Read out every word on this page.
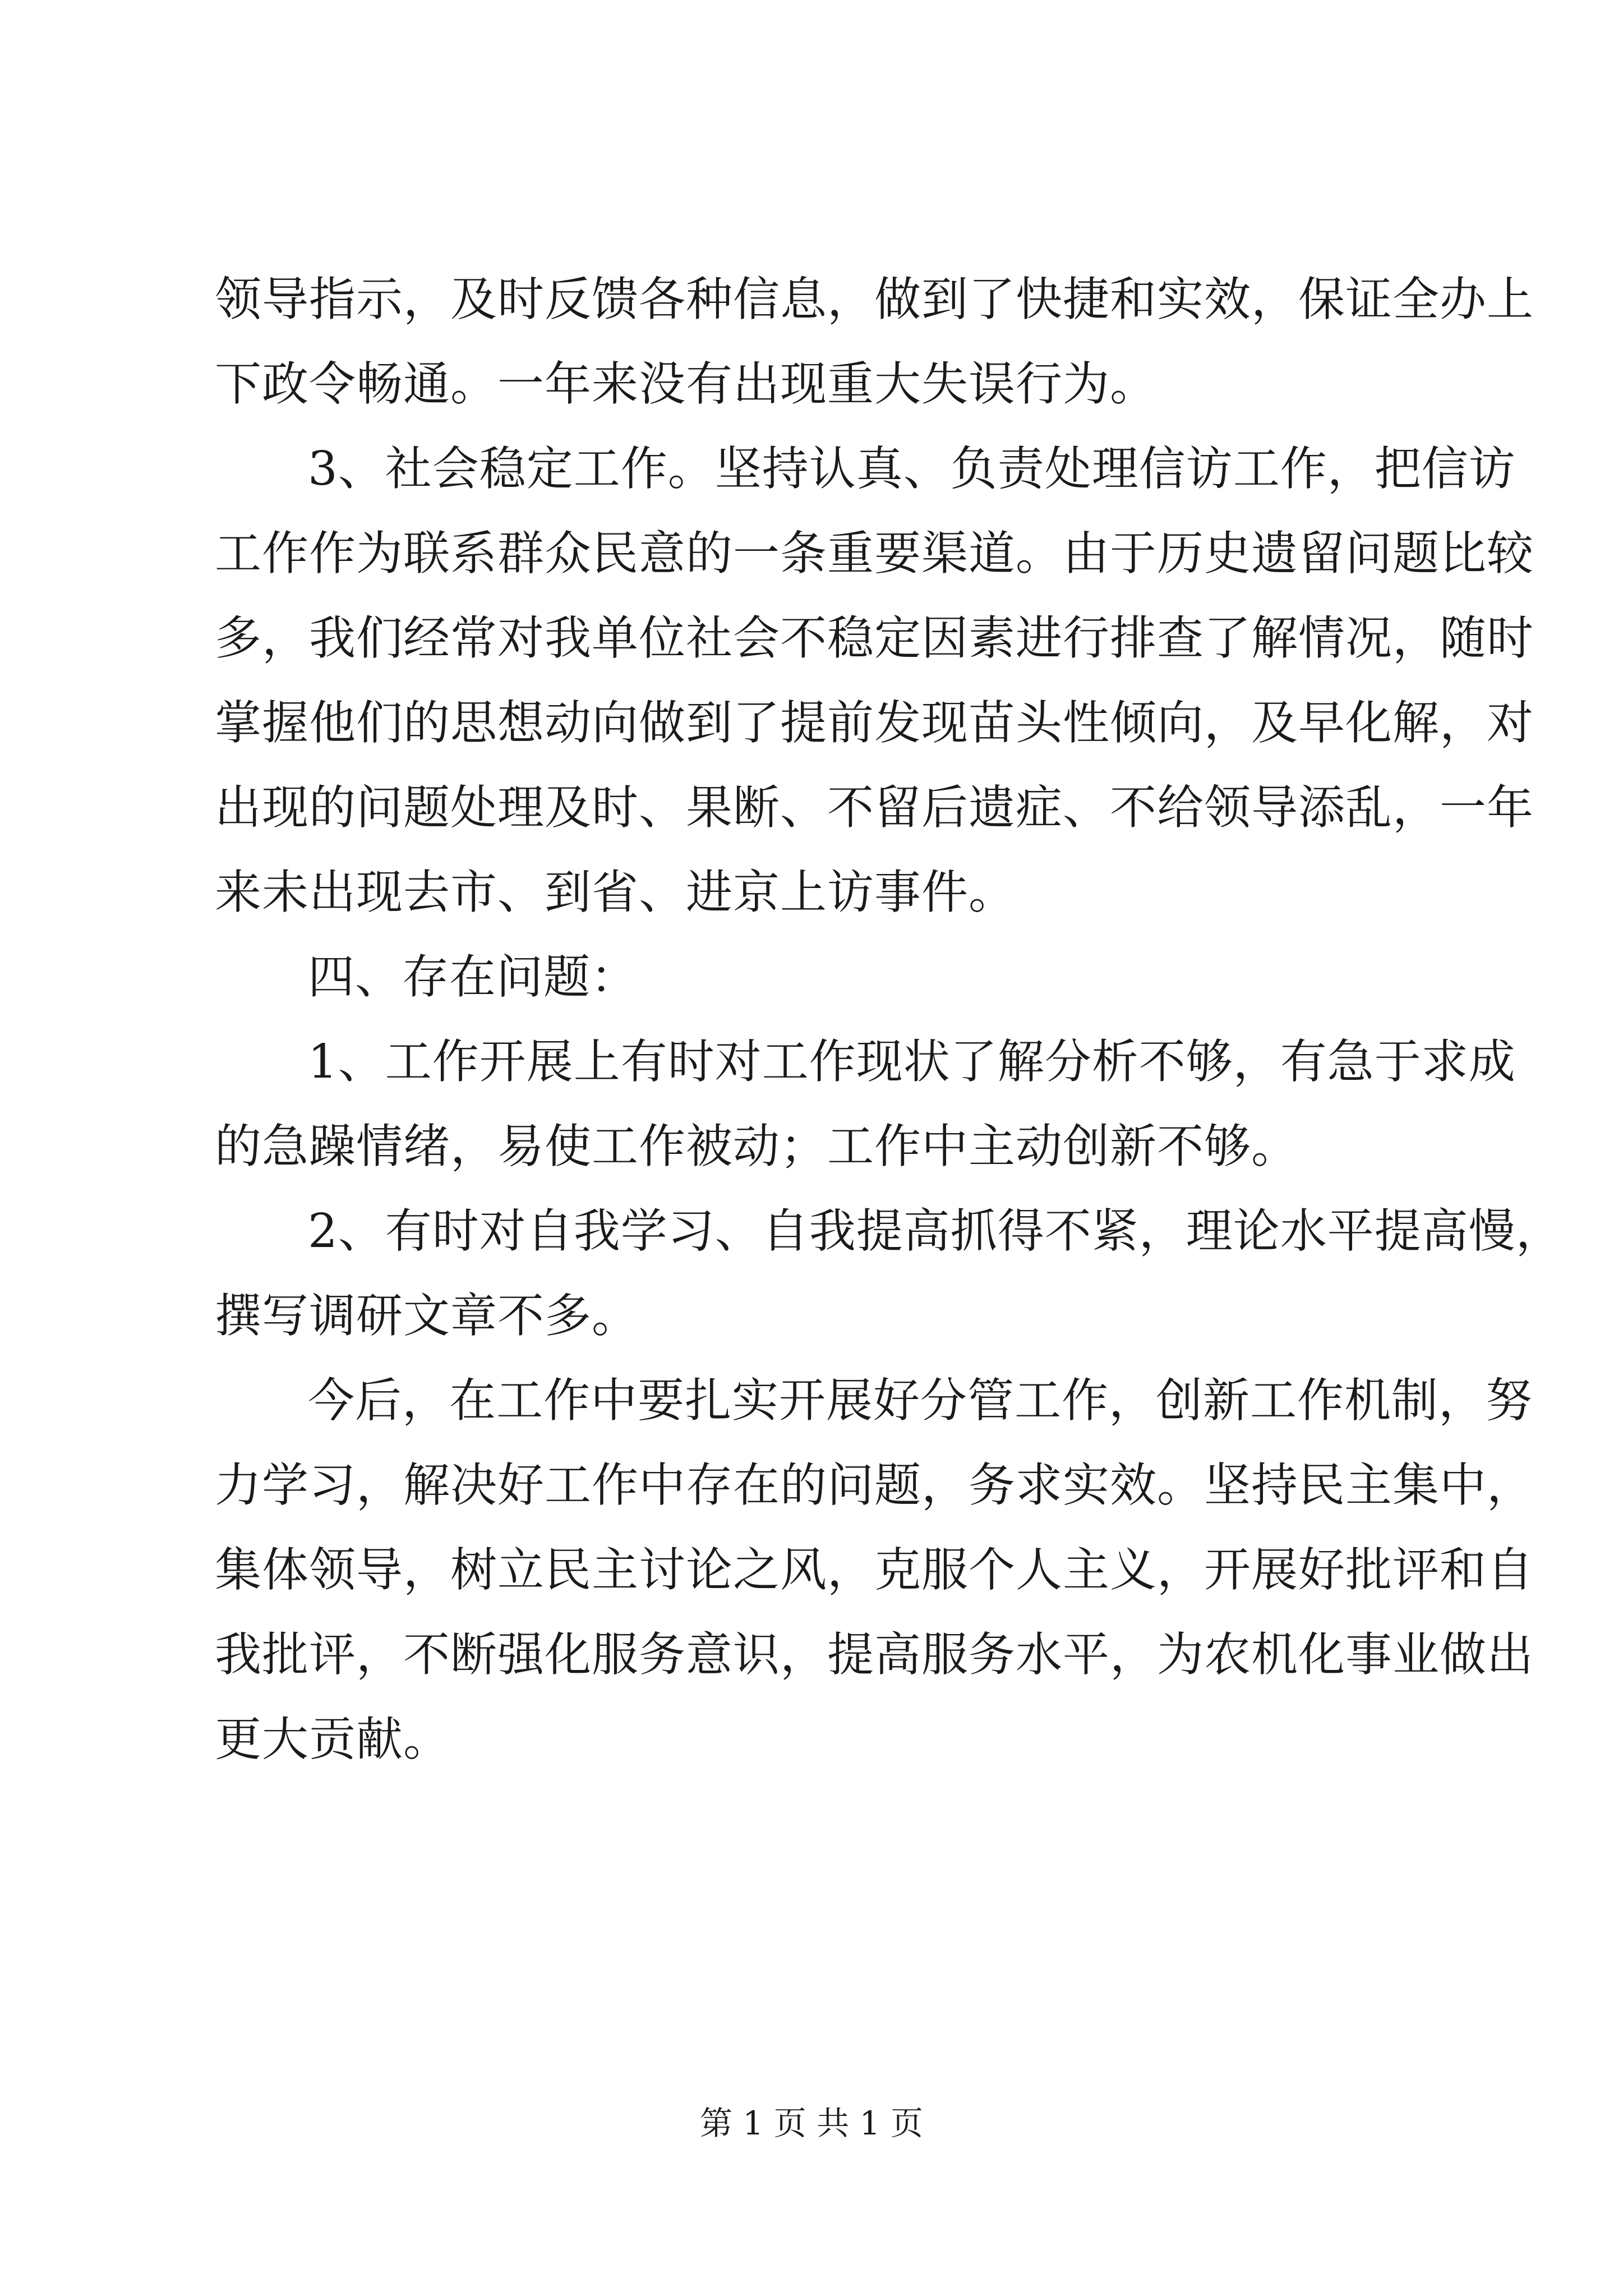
领导指示，及时反馈各种信息，做到了快捷和实效，保证全办上
下政令畅通。一年来没有出现重大失误行为。
3、社会稳定工作。坚持认真、负责处理信访工作，把信访
工作作为联系群众民意的一条重要渠道。由于历史遗留问题比较
多，我们经常对我单位社会不稳定因素进行排查了解情况，随时
掌握他们的思想动向做到了提前发现苗头性倾向，及早化解，对
出现的问题处理及时、果断、不留后遗症、不给领导添乱，一年
来未出现去市、到省、进京上访事件。
四、存在问题：
1、工作开展上有时对工作现状了解分析不够，有急于求成
的急躁情绪，易使工作被动；工作中主动创新不够。
2、有时对自我学习、自我提高抓得不紧，理论水平提高慢，
撰写调研文章不多。
今后，在工作中要扎实开展好分管工作，创新工作机制，努
力学习，解决好工作中存在的问题，务求实效。坚持民主集中，
集体领导，树立民主讨论之风，克服个人主义，开展好批评和自
我批评，不断强化服务意识，提高服务水平，为农机化事业做出
更大贡献。
第 1 页 共 1 页
